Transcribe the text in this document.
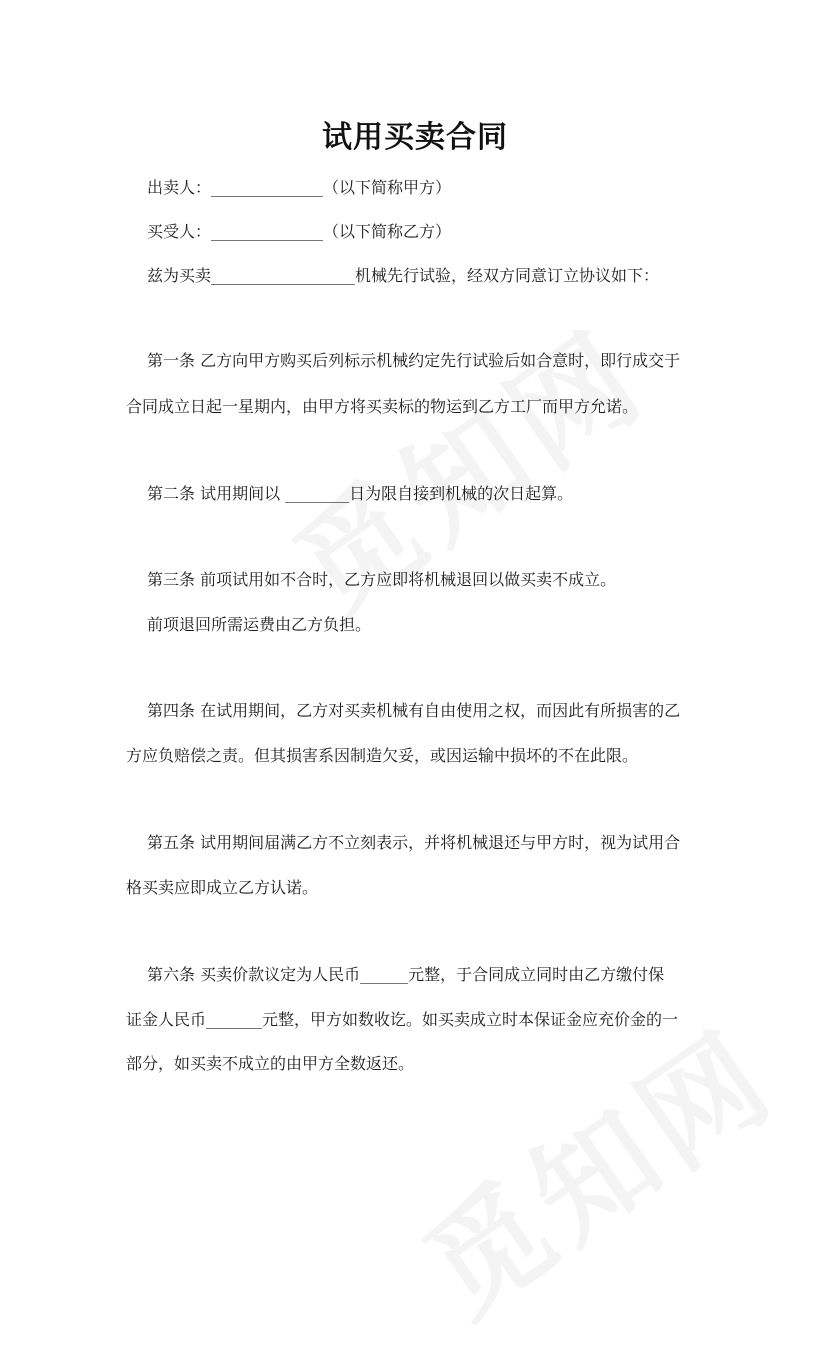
试用买卖合同
出卖人：______________（以下简称甲方）
买受人：______________（以下简称乙方）
兹为买卖__________________机械先行试验，经双方同意订立协议如下：
第一条 乙方向甲方购买后列标示机械约定先行试验后如合意时，即行成交于
合同成立日起一星期内，由甲方将买卖标的物运到乙方工厂而甲方允诺。
第二条 试用期间以 ________日为限自接到机械的次日起算。
第三条 前项试用如不合时，乙方应即将机械退回以做买卖不成立。
前项退回所需运费由乙方负担。
第四条 在试用期间，乙方对买卖机械有自由使用之权，而因此有所损害的乙
方应负赔偿之责。但其损害系因制造欠妥，或因运输中损坏的不在此限。
第五条 试用期间届满乙方不立刻表示，并将机械退还与甲方时，视为试用合
格买卖应即成立乙方认诺。
第六条 买卖价款议定为人民币______元整，于合同成立同时由乙方缴付保
证金人民币_______元整，甲方如数收讫。如买卖成立时本保证金应充价金的一
部分，如买卖不成立的由甲方全数返还。
